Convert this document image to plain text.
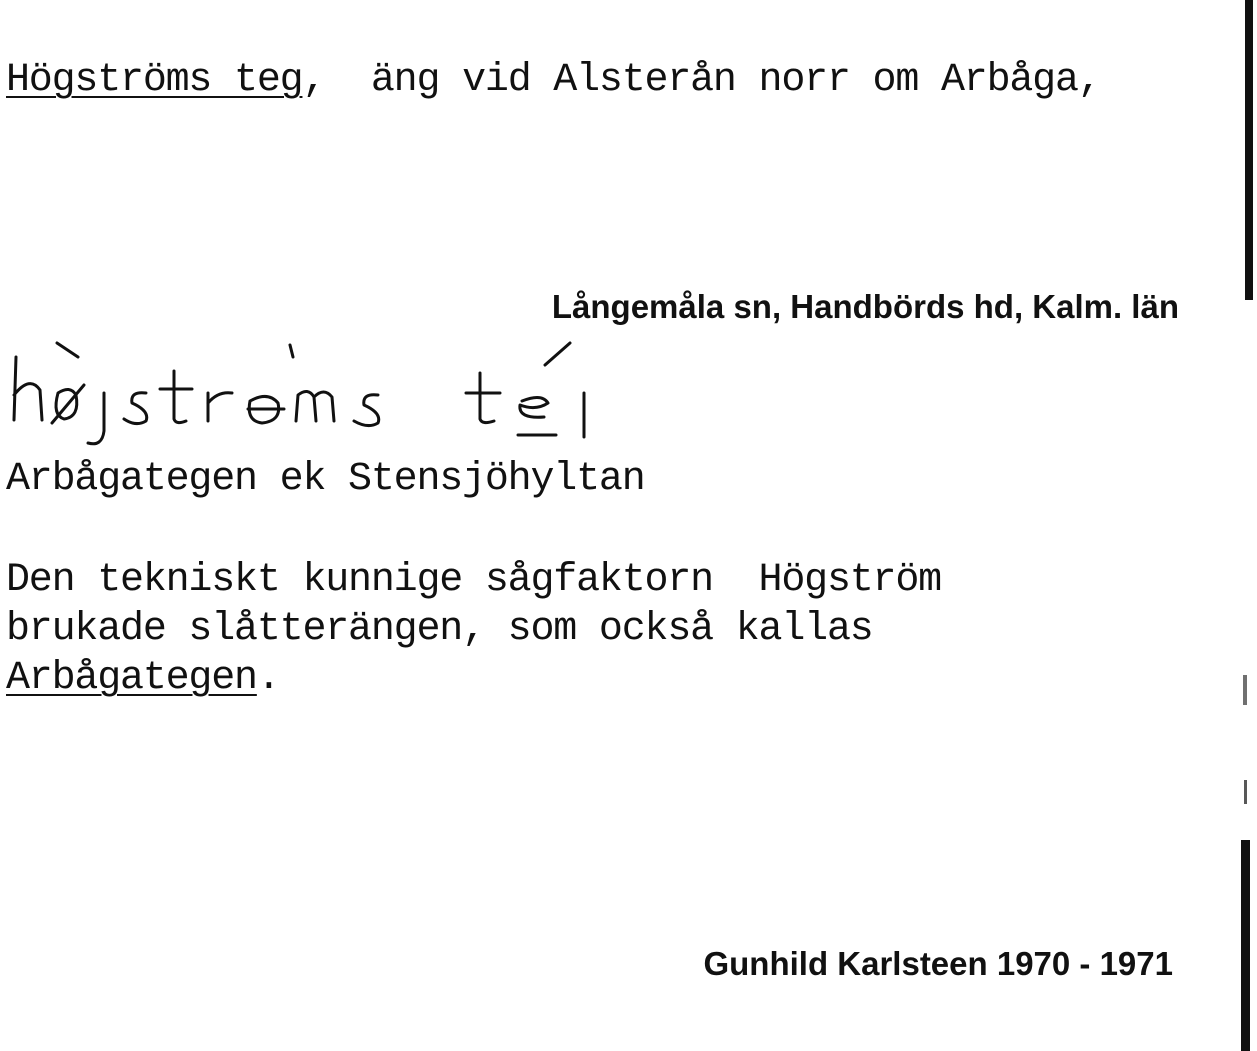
Högströms teg,  äng vid Alsterån norr om Arbåga,
Långemåla sn, Handbörds hd, Kalm. län
Arbågategen ek Stensjöhyltan
Den tekniskt kunnige sågfaktorn  Högström
brukade slåtterängen, som också kallas
Arbågategen.
Gunhild Karlsteen 1970 - 1971
